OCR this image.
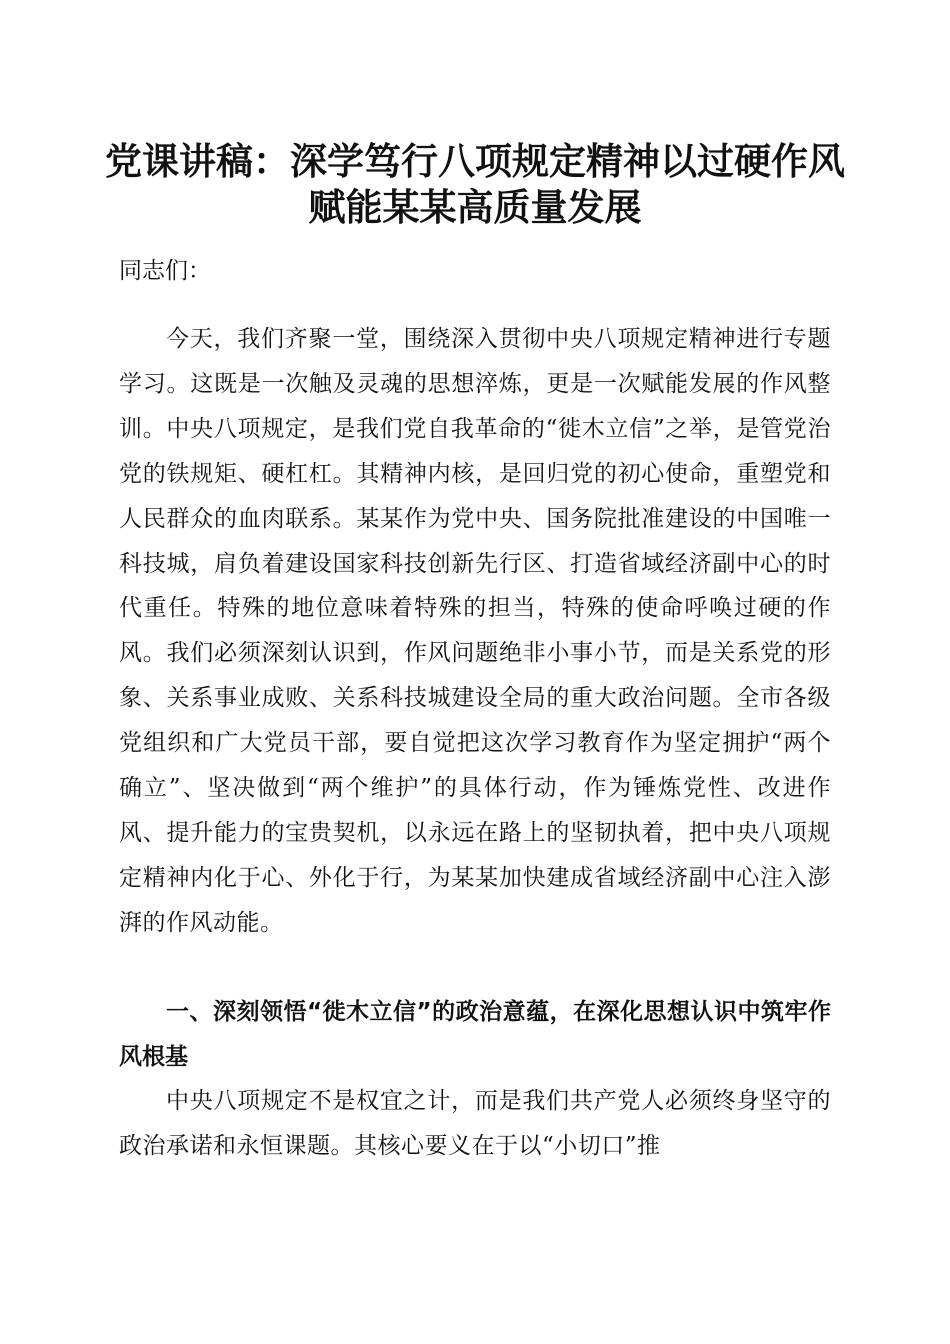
党课讲稿：深学笃行八项规定精神以过硬作风
赋能某某高质量发展

同志们：

今天，我们齐聚一堂，围绕深入贯彻中央八项规定精神进行专题学习。这既是一次触及灵魂的思想淬炼，更是一次赋能发展的作风整训。中央八项规定，是我们党自我革命的“徙木立信”之举，是管党治党的铁规矩、硬杠杠。其精神内核，是回归党的初心使命，重塑党和人民群众的血肉联系。某某作为党中央、国务院批准建设的中国唯一科技城，肩负着建设国家科技创新先行区、打造省域经济副中心的时代重任。特殊的地位意味着特殊的担当，特殊的使命呼唤过硬的作风。我们必须深刻认识到，作风问题绝非小事小节，而是关系党的形象、关系事业成败、关系科技城建设全局的重大政治问题。全市各级党组织和广大党员干部，要自觉把这次学习教育作为坚定拥护“两个确立”、坚决做到“两个维护”的具体行动，作为锤炼党性、改进作风、提升能力的宝贵契机，以永远在路上的坚韧执着，把中央八项规定精神内化于心、外化于行，为某某加快建成省域经济副中心注入澎湃的作风动能。

一、深刻领悟“徙木立信”的政治意蕴，在深化思想认识中筑牢作风根基

中央八项规定不是权宜之计，而是我们共产党人必须终身坚守的政治承诺和永恒课题。其核心要义在于以“小切口”推
